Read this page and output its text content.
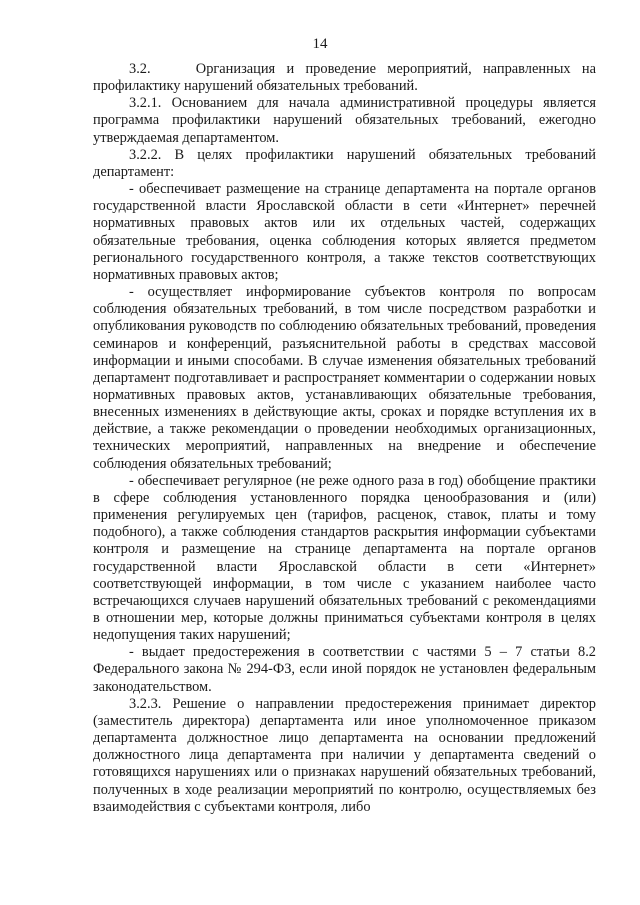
14

3.2.    Организация и проведение мероприятий, направленных на профилактику нарушений обязательных требований.

3.2.1. Основанием для начала административной процедуры является программа профилактики нарушений обязательных требований, ежегодно утверждаемая департаментом.

3.2.2. В целях профилактики нарушений обязательных требований департамент:

- обеспечивает размещение на странице департамента на портале органов государственной власти Ярославской области в сети «Интернет» перечней нормативных правовых актов или их отдельных частей, содержащих обязательные требования, оценка соблюдения которых является предметом регионального государственного контроля, а также текстов соответствующих нормативных правовых актов;

- осуществляет информирование субъектов контроля по вопросам соблюдения обязательных требований, в том числе посредством разработки и опубликования руководств по соблюдению обязательных требований, проведения семинаров и конференций, разъяснительной работы в средствах массовой информации и иными способами. В случае изменения обязательных требований департамент подготавливает и распространяет комментарии о содержании новых нормативных правовых актов, устанавливающих обязательные требования, внесенных изменениях в действующие акты, сроках и порядке вступления их в действие, а также рекомендации о проведении необходимых организационных, технических мероприятий, направленных на внедрение и обеспечение соблюдения обязательных требований;

- обеспечивает регулярное (не реже одного раза в год) обобщение практики в сфере соблюдения установленного порядка ценообразования и (или) применения регулируемых цен (тарифов, расценок, ставок, платы и тому подобного), а также соблюдения стандартов раскрытия информации субъектами контроля и размещение на странице департамента на портале органов государственной власти Ярославской области в сети «Интернет» соответствующей информации, в том числе с указанием наиболее часто встречающихся случаев нарушений обязательных требований с рекомендациями в отношении мер, которые должны приниматься субъектами контроля в целях недопущения таких нарушений;

- выдает предостережения в соответствии с частями 5 – 7 статьи 8.2 Федерального закона № 294-ФЗ, если иной порядок не установлен федеральным законодательством.

3.2.3. Решение о направлении предостережения принимает директор (заместитель директора) департамента или иное уполномоченное приказом департамента должностное лицо департамента на основании предложений должностного лица департамента при наличии у департамента сведений о готовящихся нарушениях или о признаках нарушений обязательных требований, полученных в ходе реализации мероприятий по контролю, осуществляемых без взаимодействия с субъектами контроля, либо
